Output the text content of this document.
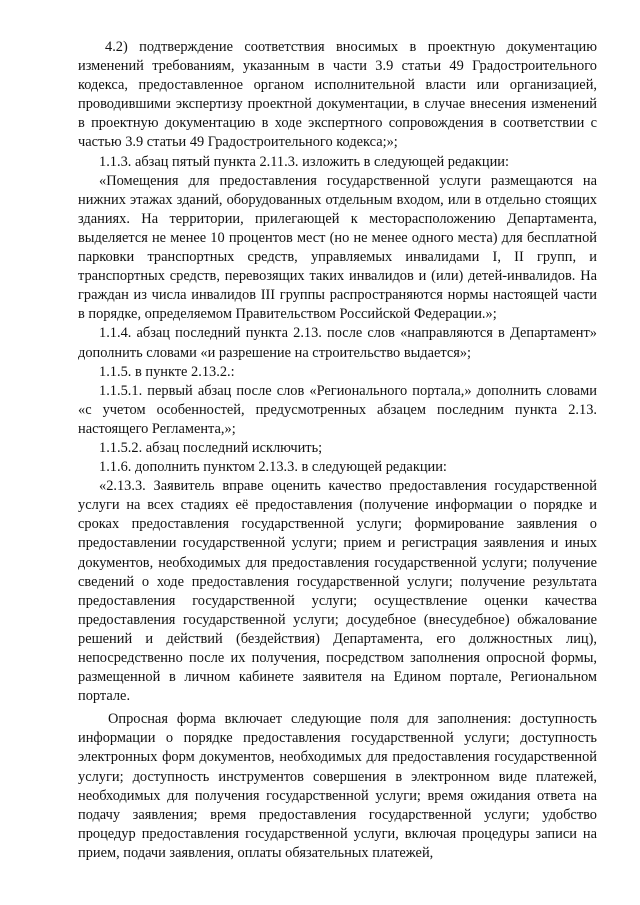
4.2) подтверждение соответствия вносимых в проектную документацию изменений требованиям, указанным в части 3.9 статьи 49 Градостроительного кодекса, предоставленное органом исполнительной власти или организацией, проводившими экспертизу проектной документации, в случае внесения изменений в проектную документацию в ходе экспертного сопровождения в соответствии с частью 3.9 статьи 49 Градостроительного кодекса;»;

1.1.3. абзац пятый пункта 2.11.3. изложить в следующей редакции:

«Помещения для предоставления государственной услуги размещаются на нижних этажах зданий, оборудованных отдельным входом, или в отдельно стоящих зданиях. На территории, прилегающей к месторасположению Департамента, выделяется не менее 10 процентов мест (но не менее одного места) для бесплатной парковки транспортных средств, управляемых инвалидами I, II групп, и транспортных средств, перевозящих таких инвалидов и (или) детей-инвалидов. На граждан из числа инвалидов III группы распространяются нормы настоящей части в порядке, определяемом Правительством Российской Федерации.»;

1.1.4. абзац последний пункта 2.13. после слов «направляются в Департамент» дополнить словами «и разрешение на строительство выдается»;

1.1.5. в пункте 2.13.2.:

1.1.5.1. первый абзац после слов «Регионального портала,» дополнить словами «с учетом особенностей, предусмотренных абзацем последним пункта 2.13. настоящего Регламента,»;

1.1.5.2. абзац последний исключить;

1.1.6. дополнить пунктом 2.13.3. в следующей редакции:

«2.13.3. Заявитель вправе оценить качество предоставления государственной услуги на всех стадиях её предоставления (получение информации о порядке и сроках предоставления государственной услуги; формирование заявления о предоставлении государственной услуги; прием и регистрация заявления и иных документов, необходимых для предоставления государственной услуги; получение сведений о ходе предоставления государственной услуги; получение результата предоставления государственной услуги; осуществление оценки качества предоставления государственной услуги; досудебное (внесудебное) обжалование решений и действий (бездействия) Департамента, его должностных лиц), непосредственно после их получения, посредством заполнения опросной формы, размещенной в личном кабинете заявителя на Едином портале, Региональном портале.

Опросная форма включает следующие поля для заполнения: доступность информации о порядке предоставления государственной услуги; доступность электронных форм документов, необходимых для предоставления государственной услуги; доступность инструментов совершения в электронном виде платежей, необходимых для получения государственной услуги; время ожидания ответа на подачу заявления; время предоставления государственной услуги; удобство процедур предоставления государственной услуги, включая процедуры записи на прием, подачи заявления, оплаты обязательных платежей,
